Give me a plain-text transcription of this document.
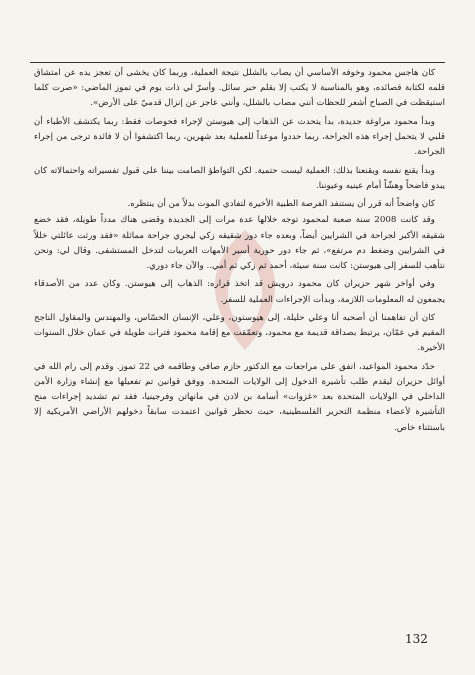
كان هاجس محمود وخوفه الأساسي أن يصاب بالشلل نتيجة العملية، وربما كان يخشى أن تعجز يده عن امتشاق قلمه لكتابة قصائده، وهو بالمناسبة لا يكتب إلا بقلم حبر سائل. وأسرّ لي ذات يوم في تموز الماضي: «صرت كلما استيقظت في الصباح أشعر للحظات أنني مصاب بالشلل، وأنني عاجز عن إنزال قدميّ على الأرض».

وبدأ محمود مراوغة جديدة، بدأ يتحدث عن الذهاب إلى هيوستن لإجراء فحوصات فقط: ربما يكتشف الأطباء أن قلبي لا يتحمل إجراء هذه الجراحة، ربما حددوا موعداً للعملية بعد شهرين، ربما اكتشفوا أن لا فائدة ترجى من إجراء الجراحة.

وبدأ يقنع نفسه ويقنعنا بذلك: العملية ليست حتمية. لكن التواطؤ الصامت بيننا على قبول تفسيراته واحتمالاته كان يبدو فاضحاً وهشّاً أمام عينيه وعيوننا.

كان واضحاً أنه قرر أن يستنفد الفرصة الطبية الأخيرة لتفادي الموت بدلاً من أن ينتظره.

وقد كانت 2008 سنة صعبة لمحمود توجه خلالها عدة مرات إلى الجديدة وقضى هناك مدداً طويلة، فقد خضع شقيقه الأكبر لجراحة في الشرايين أيضاً، وبعده جاء دور شقيقه زكي ليجري جراحة مماثلة «فقد ورثت عائلتي خللاً في الشرايين وضغط دم مرتفع»، ثم جاء دور حورية أسير الأمهات العربيات لتدخل المستشفى. وقال لي: ونحن نتأهب للسفر إلى هيوستن: كانت سنة سيئة، أحمد ثم زكي ثم أمي.. والآن جاء دوري.

وفي أواخر شهر حزيران كان محمود درويش قد اتخذ قراره: الذهاب إلى هيوستن. وكان عدد من الأصدقاء يجمعون له المعلومات اللازمة، وبدأت الإجراءات العملية للسفر.

كان أن تفاهمنا أن أصحبه أنا وعلي حليلة، إلى هيوستون، وعلي، الإنسان الحسّاس، والمهندس والمقاول الناجح المقيم في عمّان، يرتبط بصداقة قديمة مع محمود، وتعمّقت مع إقامة محمود فترات طويلة في عمان خلال السنوات الأخيرة.

حدّد محمود المواعيد، اتفق على مراجعات مع الدكتور حازم صافي وطاقمه في 22 تموز. وقدم إلى رام الله في أوائل حزيران ليقدم طلب تأشيرة الدخول إلى الولايات المتحدة. ووفق قوانين تم تفعيلها مع إنشاء وزارة الأمن الداخلي في الولايات المتحدة بعد «غزوات» أسامة بن لادن في مانهاتن وفرجينيا، فقد تم تشديد إجراءات منح التأشيرة لأعضاء منظمة التحرير الفلسطينية، حيث تحظر قوانين اعتمدت سابقاً دخولهم الأراضي الأمريكية إلا باستثناء خاص.

132
